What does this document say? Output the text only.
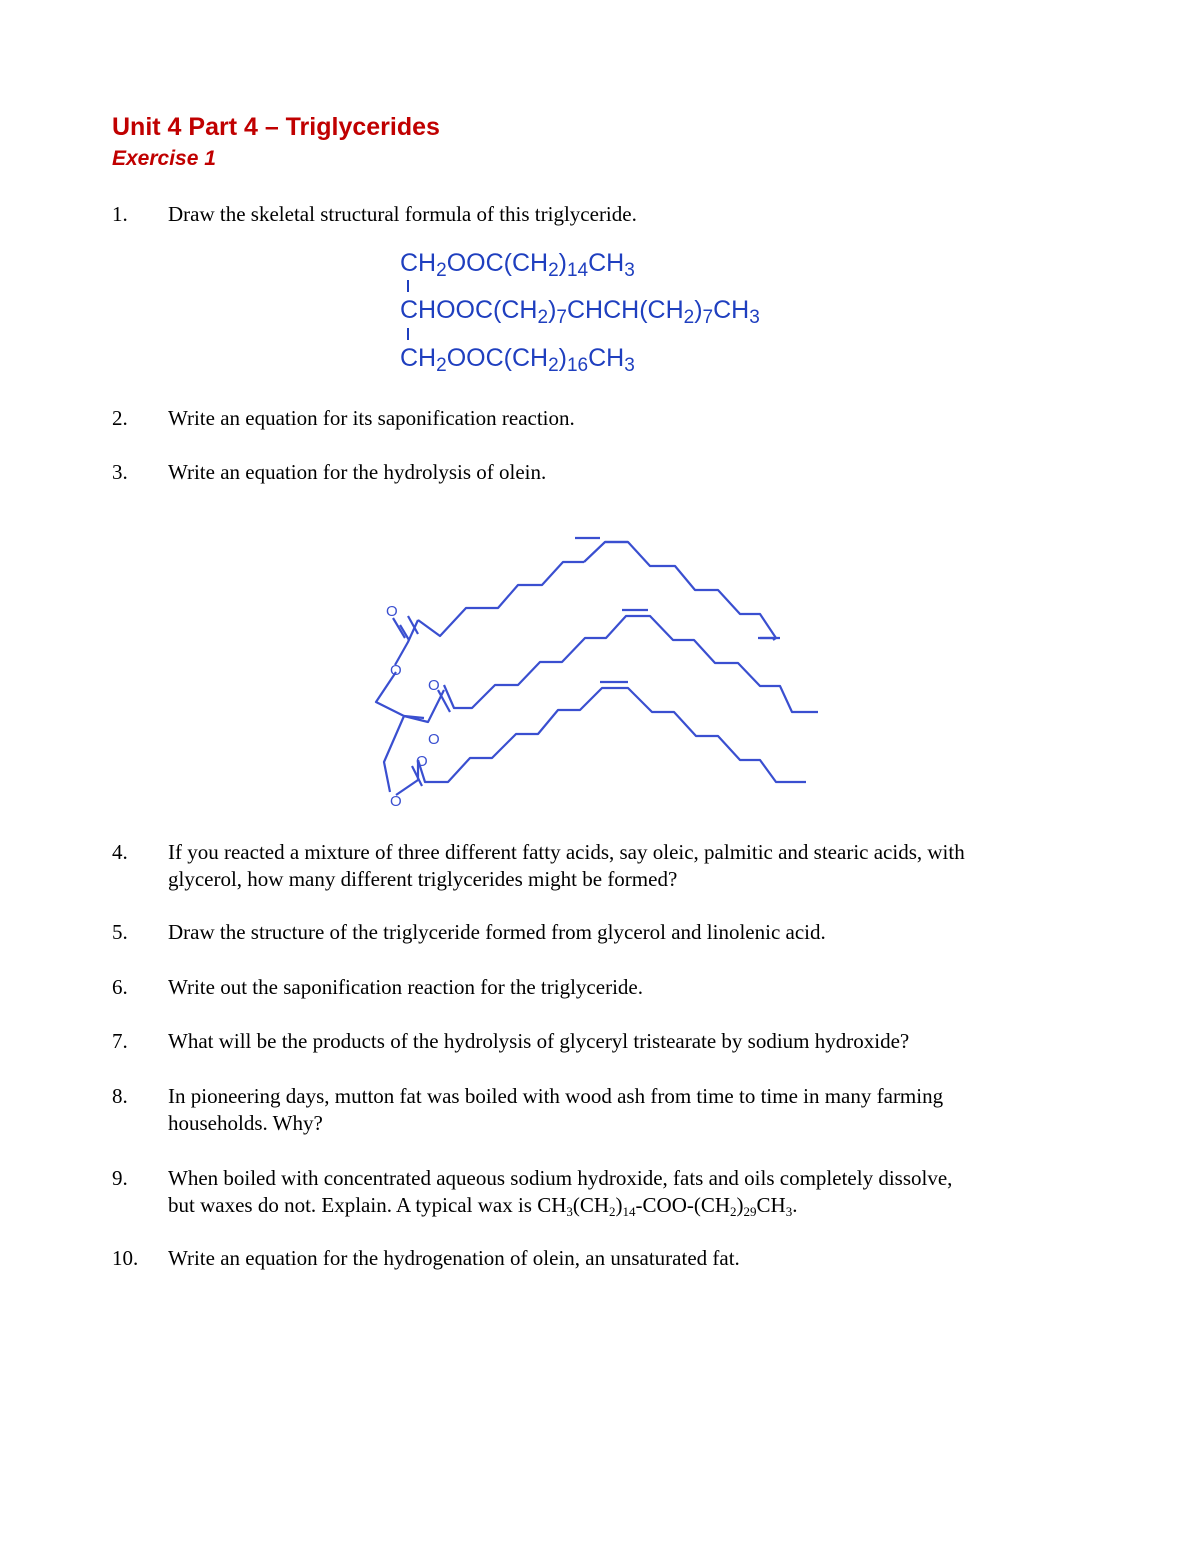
Unit 4 Part 4 – Triglycerides
Exercise 1
1. Draw the skeletal structural formula of this triglyceride.
$CH_2OOC(CH_2)_{14}CH_3$
$CHOOC(CH_2)_7CHCH(CH_2)_7CH_3$
$CH_2OOC(CH_2)_{16}CH_3$
2. Write an equation for its saponification reaction.
3. Write an equation for the hydrolysis of olein.
O
O
O
O
O
O
4. If you reacted a mixture of three different fatty acids, say oleic, palmitic and stearic acids, with
glycerol, how many different triglycerides might be formed?
5. Draw the structure of the triglyceride formed from glycerol and linolenic acid.
6. Write out the saponification reaction for the triglyceride.
7. What will be the products of the hydrolysis of glyceryl tristearate by sodium hydroxide?
8. In pioneering days, mutton fat was boiled with wood ash from time to time in many farming
households. Why?
9. When boiled with concentrated aqueous sodium hydroxide, fats and oils completely dissolve,
but waxes do not. Explain. A typical wax is $CH_3(CH_2)_{14}-COO-(CH_2)_{29}CH_3$.
10. Write an equation for the hydrogenation of olein, an unsaturated fat.
